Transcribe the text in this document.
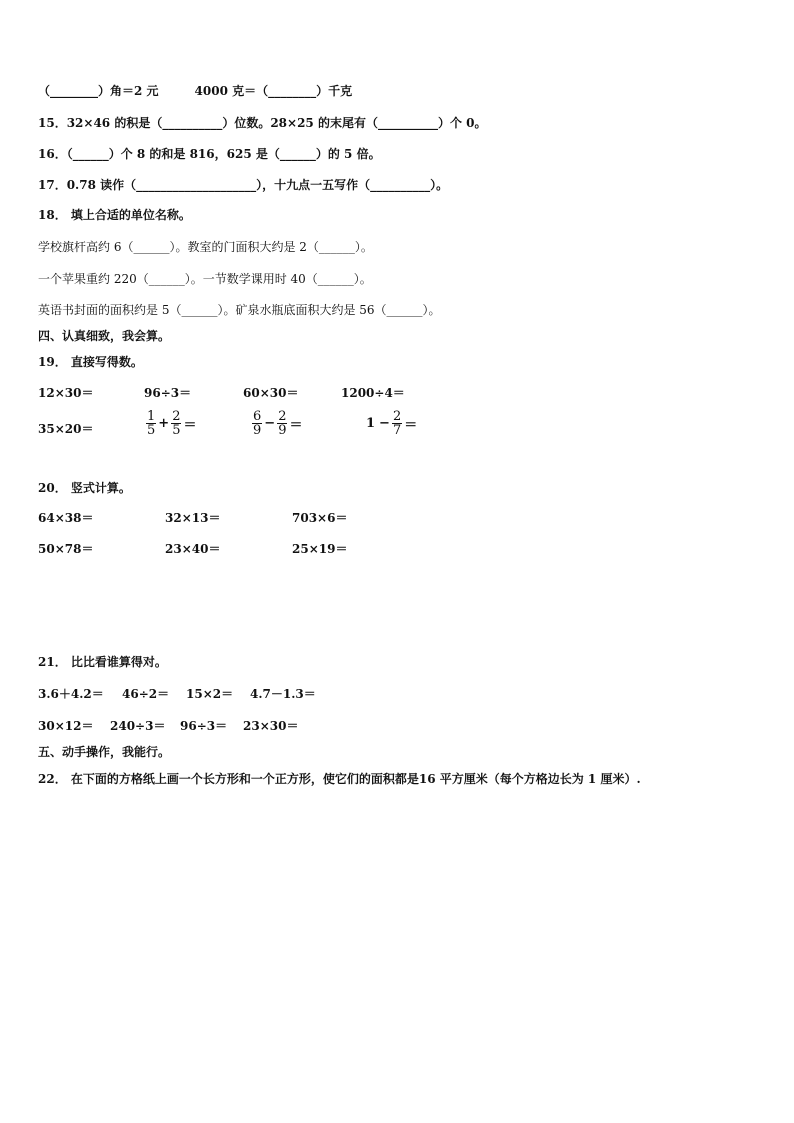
（________）角＝2 元　　　4000 克＝（________）千克
15．32×46 的积是（__________）位数。28×25 的末尾有（__________）个 0。
16．（______）个 8 的和是 816，625 是（______）的 5 倍。
17．0.78 读作（____________________），十九点一五写作（__________）。
18． 填上合适的单位名称。
学校旗杆高约 6（______）。教室的门面积大约是 2（______）。
一个苹果重约 220（______）。一节数学课用时 40（______）。
英语书封面的面积约是 5（______）。矿泉水瓶底面积大约是 56（______）。
四、认真细致，我会算。
19． 直接写得数。
12×30＝	96÷3＝	60×30＝	1200÷4＝
35×20＝	$\frac{1}{5} + \frac{2}{5}$ ＝	$\frac{6}{9} - \frac{2}{9}$ ＝	$1 - \frac{2}{7}$ ＝
20． 竖式计算。
64×38＝	32×13＝	703×6＝
50×78＝	23×40＝	25×19＝
21． 比比看谁算得对。
3.6＋4.2＝ 46÷2＝ 15×2＝ 4.7－1.3＝
30×12＝ 240÷3＝ 96÷3＝ 23×30＝
五、动手操作，我能行。
22． 在下面的方格纸上画一个长方形和一个正方形，使它们的面积都是16 平方厘米（每个方格边长为 1 厘米）.
